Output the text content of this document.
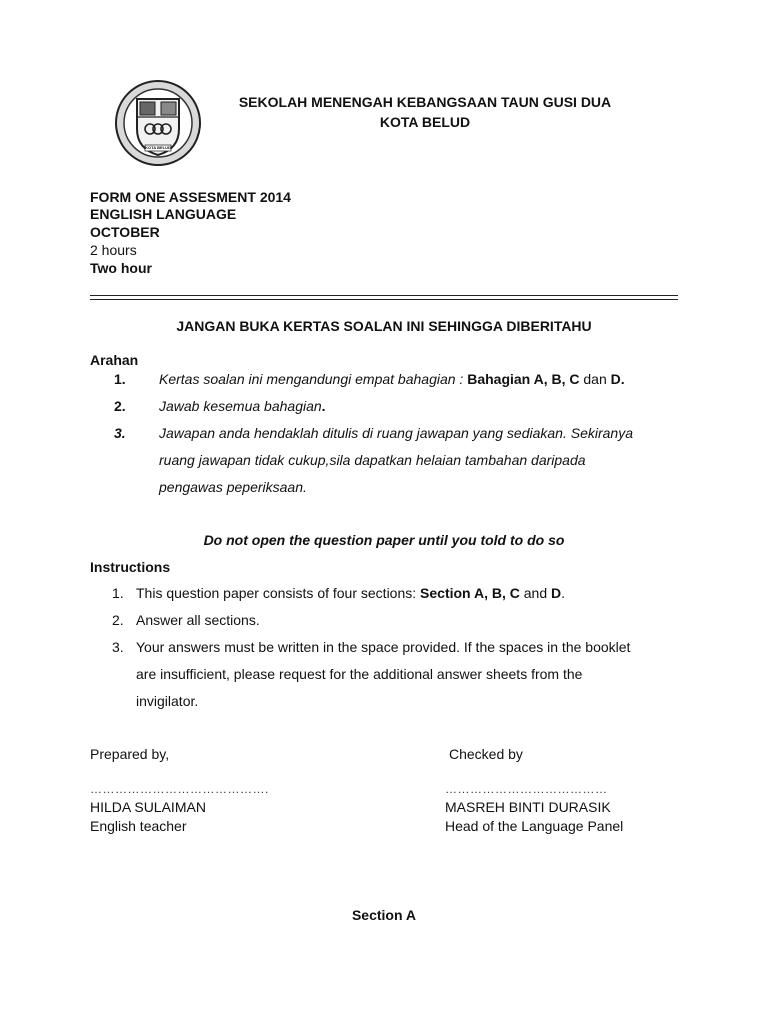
KOTA BELUD
SEKOLAH MENENGAH KEBANGSAAN TAUN GUSI DUA
KOTA BELUD
FORM ONE ASSESMENT 2014
ENGLISH LANGUAGE
OCTOBER
2 hours
Two hour
JANGAN BUKA KERTAS SOALAN INI SEHINGGA DIBERITAHU
Arahan
1.	Kertas soalan ini mengandungi empat bahagian : Bahagian A, B, C dan D.
2.	Jawab kesemua bahagian.
3.	Jawapan anda hendaklah ditulis di ruang jawapan yang sediakan. Sekiranya
ruang jawapan tidak cukup,sila dapatkan helaian tambahan daripada
pengawas peperiksaan.
Do not open the question paper until you told to do so
Instructions
1. This question paper consists of four sections: Section A, B, C and D.
2. Answer all sections.
3. Your answers must be written in the space provided. If the spaces in the booklet
are insufficient, please request for the additional answer sheets from the
invigilator.
Prepared by,
…………………………………….
HILDA SULAIMAN
English teacher
Checked by
…………………………………
MASREH BINTI DURASIK
Head of the Language Panel
Section A
